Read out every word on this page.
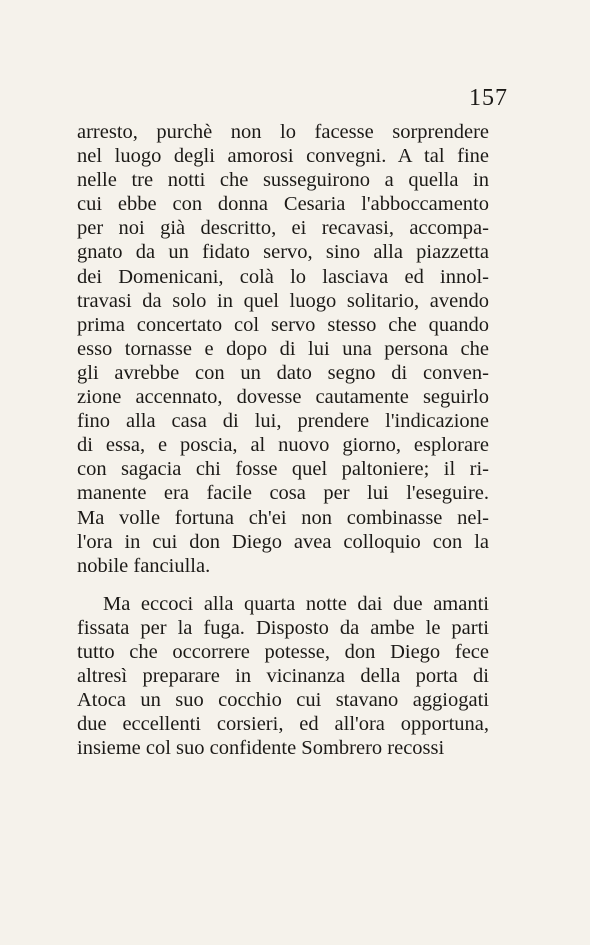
157
arresto, purchè non lo facesse sorprendere
nel luogo degli amorosi convegni. A tal fine
nelle tre notti che susseguirono a quella in
cui ebbe con donna Cesaria l'abboccamento
per noi già descritto, ei recavasi, accompa-
gnato da un fidato servo, sino alla piazzetta
dei Domenicani, colà lo lasciava ed innol-
travasi da solo in quel luogo solitario, avendo
prima concertato col servo stesso che quando
esso tornasse e dopo di lui una persona che
gli avrebbe con un dato segno di conven-
zione accennato, dovesse cautamente seguirlo
fino alla casa di lui, prendere l'indicazione
di essa, e poscia, al nuovo giorno, esplorare
con sagacia chi fosse quel paltoniere; il ri-
manente era facile cosa per lui l'eseguire.
Ma volle fortuna ch'ei non combinasse nel-
l'ora in cui don Diego avea colloquio con la
nobile fanciulla.
Ma eccoci alla quarta notte dai due amanti
fissata per la fuga. Disposto da ambe le parti
tutto che occorrere potesse, don Diego fece
altresì preparare in vicinanza della porta di
Atoca un suo cocchio cui stavano aggiogati
due eccellenti corsieri, ed all'ora opportuna,
insieme col suo confidente Sombrero recossi
